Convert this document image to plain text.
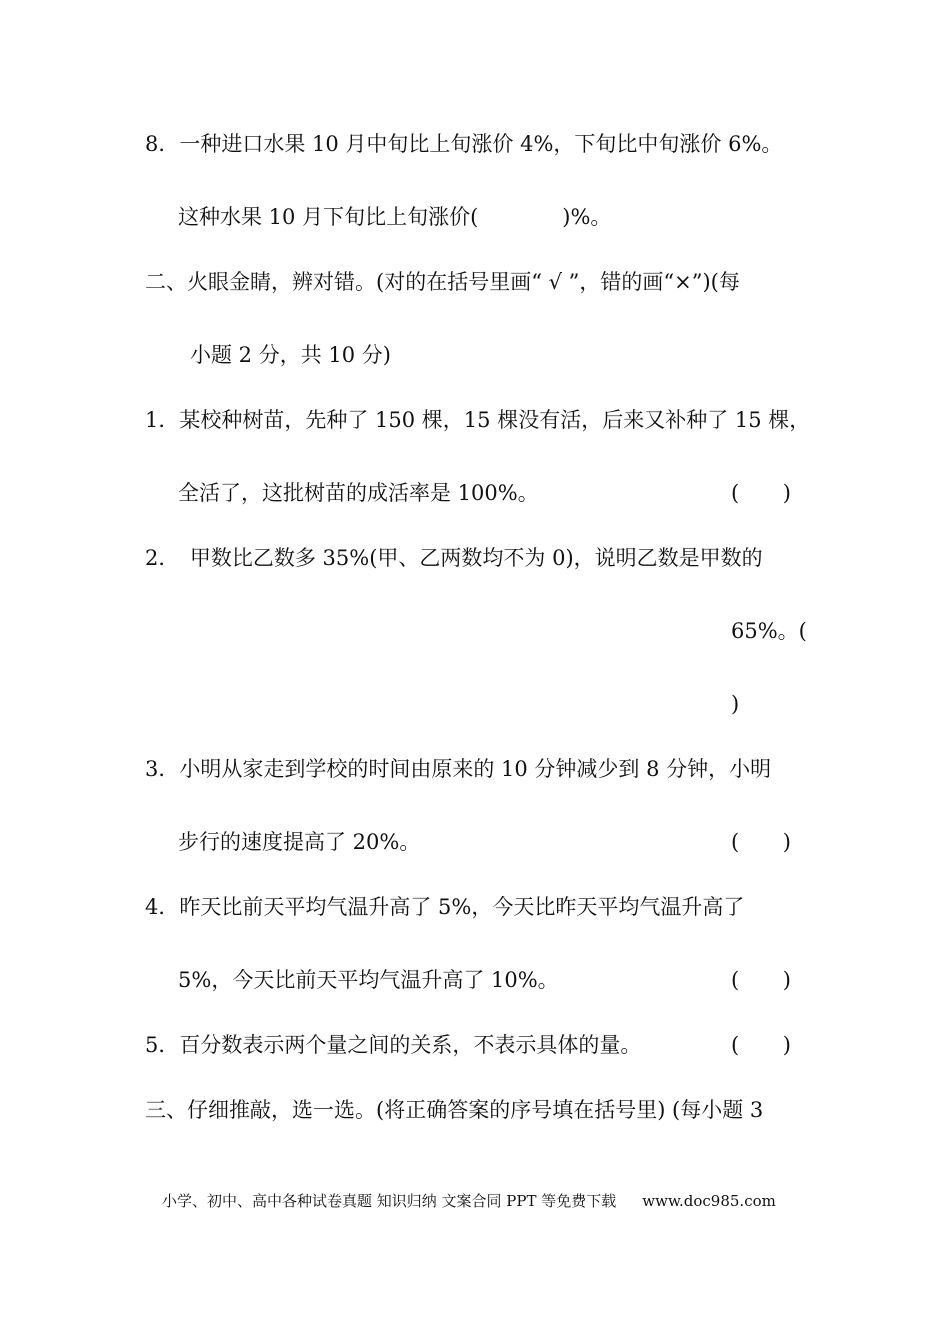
8．一种进口水果 10 月中旬比上旬涨价 4%，下旬比中旬涨价 6%。
这种水果 10 月下旬比上旬涨价(　　　　)%。
二、火眼金睛，辨对错。(对的在括号里画“ √ ”，错的画“×”)(每
小题 2 分，共 10 分)
1．某校种树苗，先种了 150 棵，15 棵没有活，后来又补种了 15 棵，
全活了，这批树苗的成活率是 100%。	( )
2．　甲数比乙数多 35%(甲、乙两数均不为 0)，说明乙数是甲数的
65%。(
)
3．小明从家走到学校的时间由原来的 10 分钟减少到 8 分钟，小明
步行的速度提高了 20%。	( )
4．昨天比前天平均气温升高了 5%，今天比昨天平均气温升高了
5%，今天比前天平均气温升高了 10%。	( )
5．百分数表示两个量之间的关系，不表示具体的量。	( )
三、仔细推敲，选一选。(将正确答案的序号填在括号里) (每小题 3
小学、初中、高中各种试卷真题 知识归纳 文案合同 PPT 等免费下载 www.doc985.com
